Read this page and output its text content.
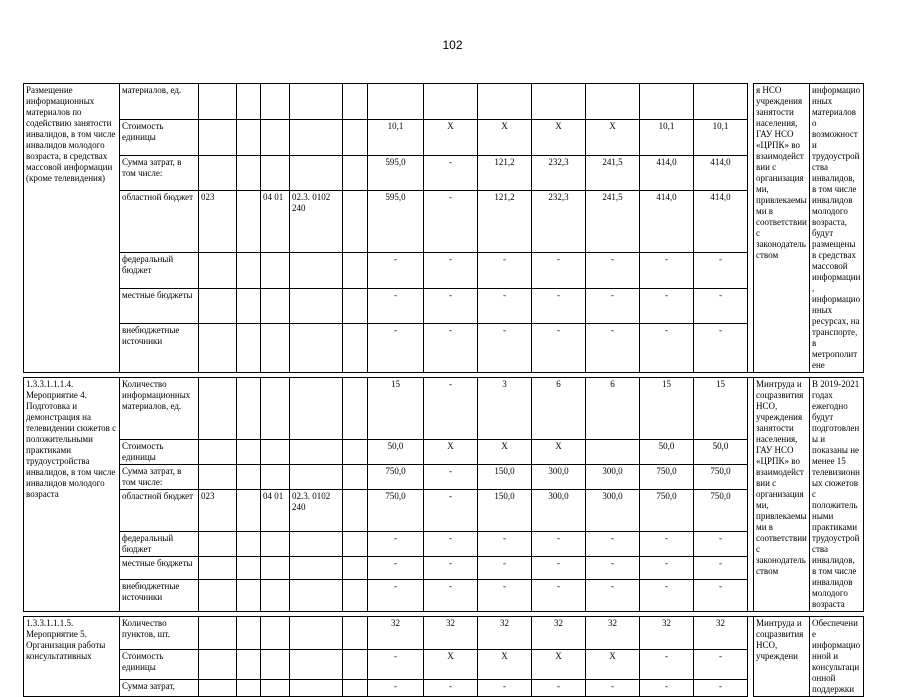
102
Размещение информационных материалов по содействию занятости инвалидов, в том числе инвалидов молодого возраста, в средствах массовой информации (кроме телевидения)	материалов, ед.														я НСО учреждения занятости населения, ГАУ НСО «ЦРПК» во взаимодействии с организациями, привлекаемыми в соответствии с законодательством	информационных материалов о возможности трудоустройства инвалидов, в том числе инвалидов молодого возраста, будут размещены в средствах массовой информации, информационных ресурсах, на транспорте, в метрополитене
	Стоимость единицы						10,1	X	X	X	X	10,1	10,1			
	Сумма затрат, в том числе:						595,0	-	121,2	232,3	241,5	414,0	414,0			
	областной бюджет	023		04 01	02.3. 0102 240		595,0	-	121,2	232,3	241,5	414,0	414,0			
	федеральный бюджет						-	-	-	-	-	-	-			
	местные бюджеты						-	-	-	-	-	-	-			
	внебюджетные источники						-	-	-	-	-	-	-			

1.3.3.1.1.1.4. Мероприятие 4. Подготовка и демонстрация на телевидении сюжетов с положительными практиками трудоустройства инвалидов, в том числе инвалидов молодого возраста	Количество информационных материалов, ед.						15	-	3	6	6	15	15		Минтруда и соцразвития НСО, учреждения занятости населения, ГАУ НСО «ЦРПК» во взаимодействии с организациями, привлекаемыми в соответствии с законодательством	В 2019-2021 годах ежегодно будут подготовлены и показаны не менее 15 телевизионных сюжетов с положительными практиками трудоустройства инвалидов, в том числе инвалидов молодого возраста
	Стоимость единицы						50,0	X	X	X		50,0	50,0			
	Сумма затрат, в том числе:						750,0	-	150,0	300,0	300,0	750,0	750,0			
	областной бюджет	023		04 01	02.3. 0102 240		750,0	-	150,0	300,0	300,0	750,0	750,0			
	федеральный бюджет						-	-	-	-	-	-	-			
	местные бюджеты						-	-	-	-	-	-	-			
	внебюджетные источники						-	-	-	-	-	-	-			

1.3.3.1.1.1.5. Мероприятие 5. Организация работы консультативных	Количество пунктов, шт.						32	32	32	32	32	32	32		Минтруда и соцразвития НСО, учреждени	Обеспечение информационной и консультационной поддержки
	Стоимость единицы						-	X	X	X	X	-	-			
	Сумма затрат,						-	-	-	-	-	-	-			
